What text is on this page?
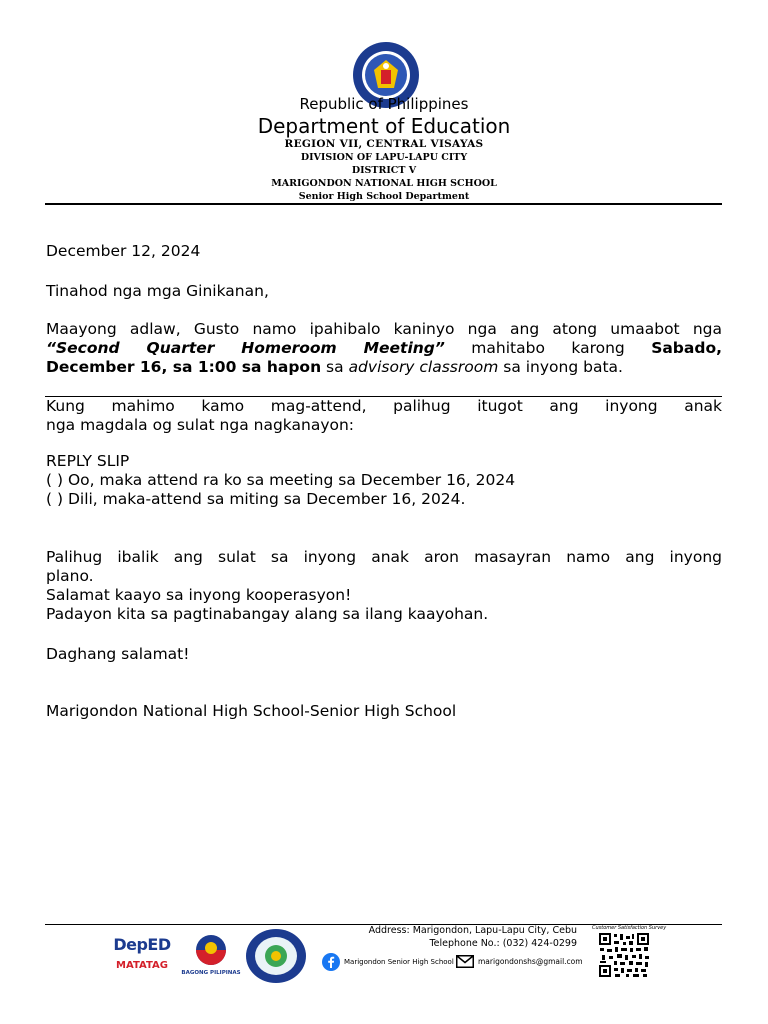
Republic of Philippines
Department of Education
REGION VII, CENTRAL VISAYAS
DIVISION OF LAPU-LAPU CITY
DISTRICT V
MARIGONDON NATIONAL HIGH SCHOOL
Senior High School Department
December 12, 2024
Tinahod nga mga Ginikanan,
Maayong adlaw, Gusto namo ipahibalo kaninyo nga ang atong umaabot nga
“Second Quarter Homeroom Meeting” mahitabo karong Sabado,
December 16, sa 1:00 sa hapon sa advisory classroom sa inyong bata.
Kung mahimo kamo mag-attend, palihug itugot ang inyong anak
nga magdala og sulat nga nagkanayon:
REPLY SLIP
( ) Oo, maka attend ra ko sa meeting sa December 16, 2024
( ) Dili, maka-attend sa miting sa December 16, 2024.
Palihug ibalik ang sulat sa inyong anak aron masayran namo ang inyong
plano.
Salamat kaayo sa inyong kooperasyon!
Padayon kita sa pagtinabangay alang sa ilang kaayohan.
Daghang salamat!
Marigondon National High School-Senior High School
DepED
MATATAG
BAGONG PILIPINAS
Address: Marigondon, Lapu-Lapu City, Cebu
Telephone No.: (032) 424-0299
Marigondon Senior High School	marigondonshs@gmail.com
Customer Satisfaction Survey
